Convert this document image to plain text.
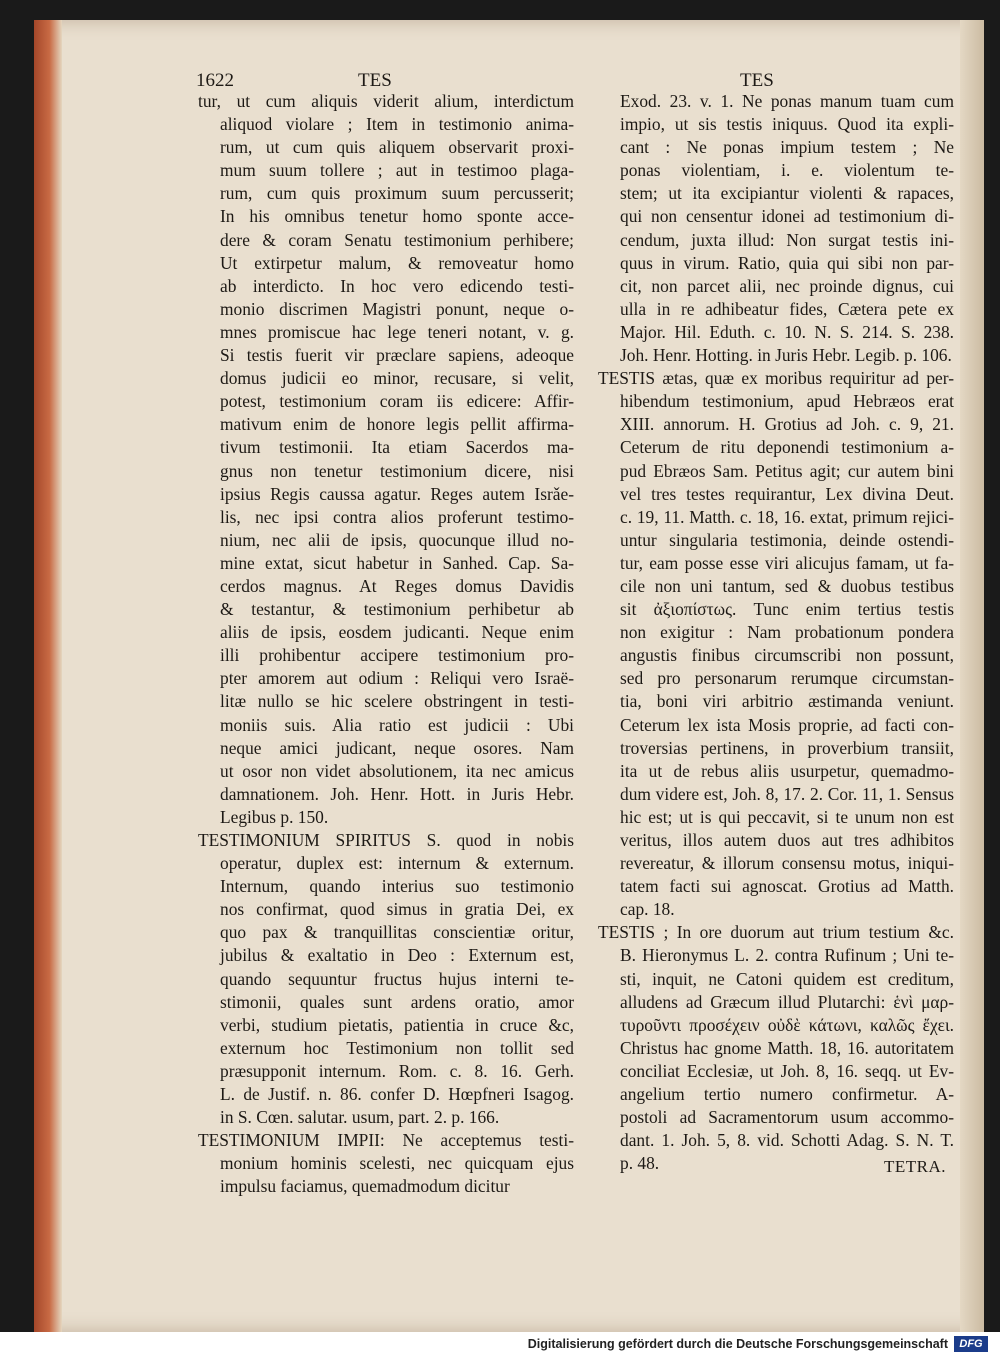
1622	TES	TES
tur, ut cum aliquis viderit alium, interdictum
aliquod violare ; Item in testimonio anima-
rum, ut cum quis aliquem observarit proxi-
mum suum tollere ; aut in testimoo plaga-
rum, cum quis proximum suum percusserit;
In his omnibus tenetur homo sponte acce-
dere & coram Senatu testimonium perhibere;
Ut extirpetur malum, & removeatur homo
ab interdicto. In hoc vero edicendo testi-
monio discrimen Magistri ponunt, neque o-
mnes promiscue hac lege teneri notant, v. g.
Si testis fuerit vir præclare sapiens, adeoque
domus judicii eo minor, recusare, si velit,
potest, testimonium coram iis edicere: Affir-
mativum enim de honore legis pellit affirma-
tivum testimonii. Ita etiam Sacerdos ma-
gnus non tenetur testimonium dicere, nisi
ipsius Regis caussa agatur. Reges autem Isrǎe-
lis, nec ipsi contra alios proferunt testimo-
nium, nec alii de ipsis, quocunque illud no-
mine extat, sicut habetur in Sanhed. Cap. Sa-
cerdos magnus. At Reges domus Davidis
& testantur, & testimonium perhibetur ab
aliis de ipsis, eosdem judicanti. Neque enim
illi prohibentur accipere testimonium pro-
pter amorem aut odium : Reliqui vero Israë-
litæ nullo se hic scelere obstringent in testi-
moniis suis. Alia ratio est judicii : Ubi
neque amici judicant, neque osores. Nam
ut osor non videt absolutionem, ita nec amicus
damnationem. Joh. Henr. Hott. in Juris Hebr.
Legibus p. 150.
TESTIMONIUM SPIRITUS S. quod in nobis
operatur, duplex est: internum & externum.
Internum, quando interius suo testimonio
nos confirmat, quod simus in gratia Dei, ex
quo pax & tranquillitas conscientiæ oritur,
jubilus & exaltatio in Deo : Externum est,
quando sequuntur fructus hujus interni te-
stimonii, quales sunt ardens oratio, amor
verbi, studium pietatis, patientia in cruce &c,
externum hoc Testimonium non tollit sed
præsupponit internum. Rom. c. 8. 16. Gerh.
L. de Justif. n. 86. confer D. Hœpfneri Isagog.
in S. Cœn. salutar. usum, part. 2. p. 166.
TESTIMONIUM IMPII: Ne acceptemus testi-
monium hominis scelesti, nec quicquam ejus
impulsu faciamus, quemadmodum dicitur
Exod. 23. v. 1. Ne ponas manum tuam cum
impio, ut sis testis iniquus. Quod ita expli-
cant : Ne ponas impium testem ; Ne
ponas violentiam, i. e. violentum te-
stem; ut ita excipiantur violenti & rapaces,
qui non censentur idonei ad testimonium di-
cendum, juxta illud: Non surgat testis ini-
quus in virum. Ratio, quia qui sibi non par-
cit, non parcet alii, nec proinde dignus, cui
ulla in re adhibeatur fides, Cætera pete ex
Major. Hil. Eduth. c. 10. N. S. 214. S. 238.
Joh. Henr. Hotting. in Juris Hebr. Legib. p. 106.
TESTIS ætas, quæ ex moribus requiritur ad per-
hibendum testimonium, apud Hebræos erat
XIII. annorum. H. Grotius ad Joh. c. 9, 21.
Ceterum de ritu deponendi testimonium a-
pud Ebræos Sam. Petitus agit; cur autem bini
vel tres testes requirantur, Lex divina Deut.
c. 19, 11. Matth. c. 18, 16. extat, primum rejici-
untur singularia testimonia, deinde ostendi-
tur, eam posse esse viri alicujus famam, ut fa-
cile non uni tantum, sed & duobus testibus
sit ἀξιοπίστως. Tunc enim tertius testis
non exigitur : Nam probationum pondera
angustis finibus circumscribi non possunt,
sed pro personarum rerumque circumstan-
tia, boni viri arbitrio æstimanda veniunt.
Ceterum lex ista Mosis proprie, ad facti con-
troversias pertinens, in proverbium transiit,
ita ut de rebus aliis usurpetur, quemadmo-
dum videre est, Joh. 8, 17. 2. Cor. 11, 1. Sensus
hic est; ut is qui peccavit, si te unum non est
veritus, illos autem duos aut tres adhibitos
revereatur, & illorum consensu motus, iniqui-
tatem facti sui agnoscat. Grotius ad Matth.
cap. 18.
TESTIS ; In ore duorum aut trium testium &c.
B. Hieronymus L. 2. contra Rufinum ; Uni te-
sti, inquit, ne Catoni quidem est creditum,
alludens ad Græcum illud Plutarchi: ἑνὶ μαρ-
τυροῦντι προσέχειν οὐδὲ κάτωνι, καλῶς ἔχει.
Christus hac gnome Matth. 18, 16. autoritatem
conciliat Ecclesiæ, ut Joh. 8, 16. seqq. ut Ev-
angelium tertio numero confirmetur. A-
postoli ad Sacramentorum usum accommo-
dant. 1. Joh. 5, 8. vid. Schotti Adag. S. N. T.
p. 48.	TETRA.
Digitalisierung gefördert durch die Deutsche Forschungsgemeinschaft	DFG
